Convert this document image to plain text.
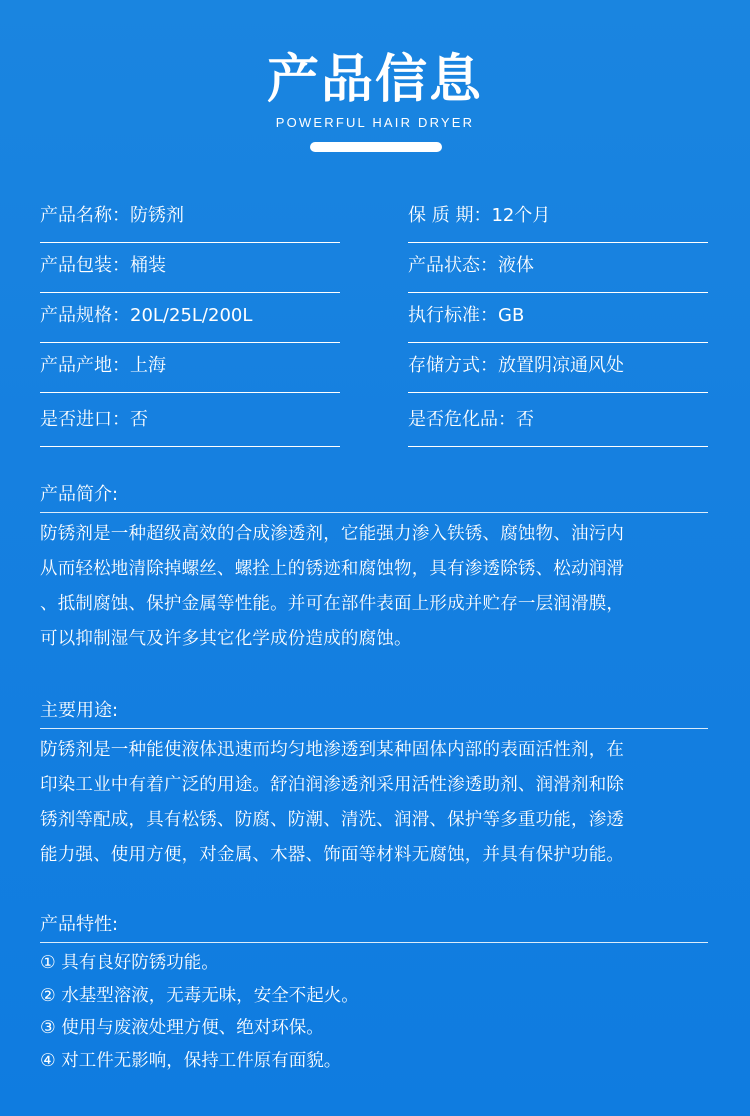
产品信息
POWERFUL HAIR DRYER
产品名称：防锈剂
产品包装：桶装
产品规格：20L/25L/200L
产品产地：上海
是否进口：否
保 质 期：12个月
产品状态：液体
执行标准：GB
存储方式：放置阴凉通风处
是否危化品：否
产品简介:
防锈剂是一种超级高效的合成渗透剂，它能强力渗入铁锈、腐蚀物、油污内
从而轻松地清除掉螺丝、螺拴上的锈迹和腐蚀物，具有渗透除锈、松动润滑
、抵制腐蚀、保护金属等性能。并可在部件表面上形成并贮存一层润滑膜，
可以抑制湿气及许多其它化学成份造成的腐蚀。
主要用途:
防锈剂是一种能使液体迅速而均匀地渗透到某种固体内部的表面活性剂，在
印染工业中有着广泛的用途。舒泊润渗透剂采用活性渗透助剂、润滑剂和除
锈剂等配成，具有松锈、防腐、防潮、清洗、润滑、保护等多重功能，渗透
能力强、使用方便，对金属、木器、饰面等材料无腐蚀，并具有保护功能。
产品特性:
① 具有良好防锈功能。
② 水基型溶液，无毒无味，安全不起火。
③ 使用与废液处理方便、绝对环保。
④ 对工件无影响，保持工件原有面貌。
